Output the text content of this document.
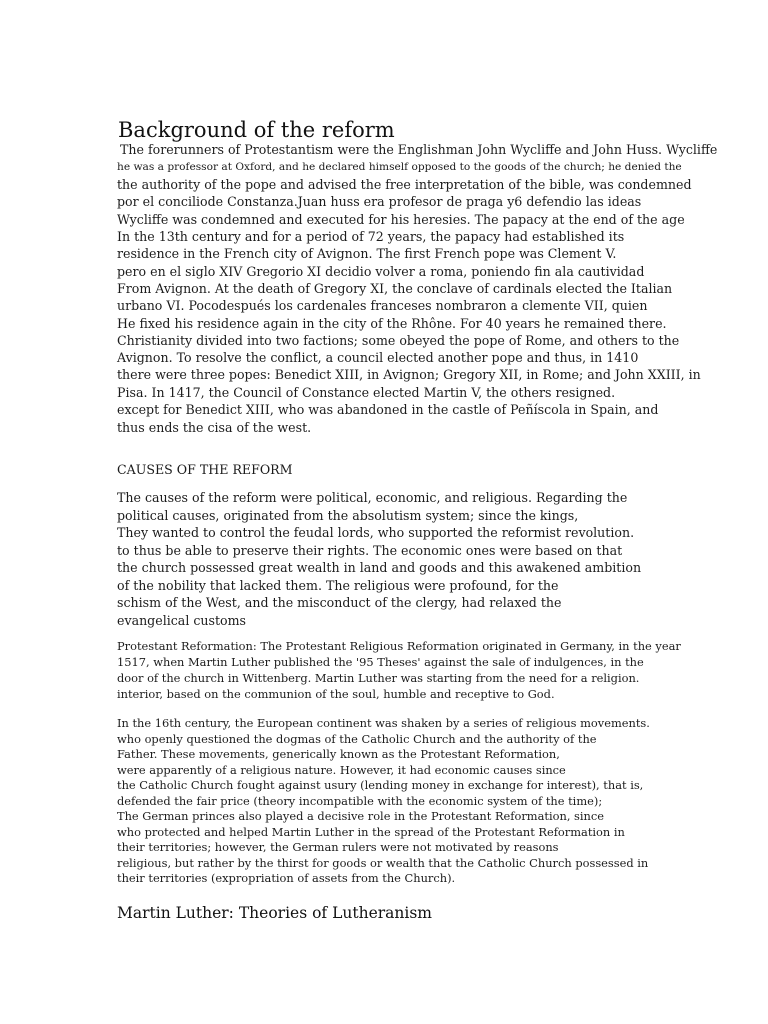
Background of the reform
The forerunners of Protestantism were the Englishman John Wycliffe and John Huss. Wycliffe
he was a professor at Oxford, and he declared himself opposed to the goods of the church; he denied the
the authority of the pope and advised the free interpretation of the bible, was condemned
por el conciliode Constanza.Juan huss era profesor de praga y6 defendio las ideas
Wycliffe was condemned and executed for his heresies. The papacy at the end of the age
In the 13th century and for a period of 72 years, the papacy had established its
residence in the French city of Avignon. The first French pope was Clement V.
pero en el siglo XIV Gregorio XI decidio volver a roma, poniendo fin ala cautividad
From Avignon. At the death of Gregory XI, the conclave of cardinals elected the Italian
urbano VI. Pocodespués los cardenales franceses nombraron a clemente VII, quien
He fixed his residence again in the city of the Rhône. For 40 years he remained there.
Christianity divided into two factions; some obeyed the pope of Rome, and others to the
Avignon. To resolve the conflict, a council elected another pope and thus, in 1410
there were three popes: Benedict XIII, in Avignon; Gregory XII, in Rome; and John XXIII, in
Pisa. In 1417, the Council of Constance elected Martin V, the others resigned.
except for Benedict XIII, who was abandoned in the castle of Peñíscola in Spain, and
thus ends the cisa of the west.
CAUSES OF THE REFORM
The causes of the reform were political, economic, and religious. Regarding the
political causes, originated from the absolutism system; since the kings,
They wanted to control the feudal lords, who supported the reformist revolution.
to thus be able to preserve their rights. The economic ones were based on that
the church possessed great wealth in land and goods and this awakened ambition
of the nobility that lacked them. The religious were profound, for the
schism of the West, and the misconduct of the clergy, had relaxed the
evangelical customs
Protestant Reformation: The Protestant Religious Reformation originated in Germany, in the year
1517, when Martin Luther published the '95 Theses' against the sale of indulgences, in the
door of the church in Wittenberg. Martin Luther was starting from the need for a religion.
interior, based on the communion of the soul, humble and receptive to God.
In the 16th century, the European continent was shaken by a series of religious movements.
who openly questioned the dogmas of the Catholic Church and the authority of the
Father. These movements, generically known as the Protestant Reformation,
were apparently of a religious nature. However, it had economic causes since
the Catholic Church fought against usury (lending money in exchange for interest), that is,
defended the fair price (theory incompatible with the economic system of the time);
The German princes also played a decisive role in the Protestant Reformation, since
who protected and helped Martin Luther in the spread of the Protestant Reformation in
their territories; however, the German rulers were not motivated by reasons
religious, but rather by the thirst for goods or wealth that the Catholic Church possessed in
their territories (expropriation of assets from the Church).
Martin Luther: Theories of Lutheranism
